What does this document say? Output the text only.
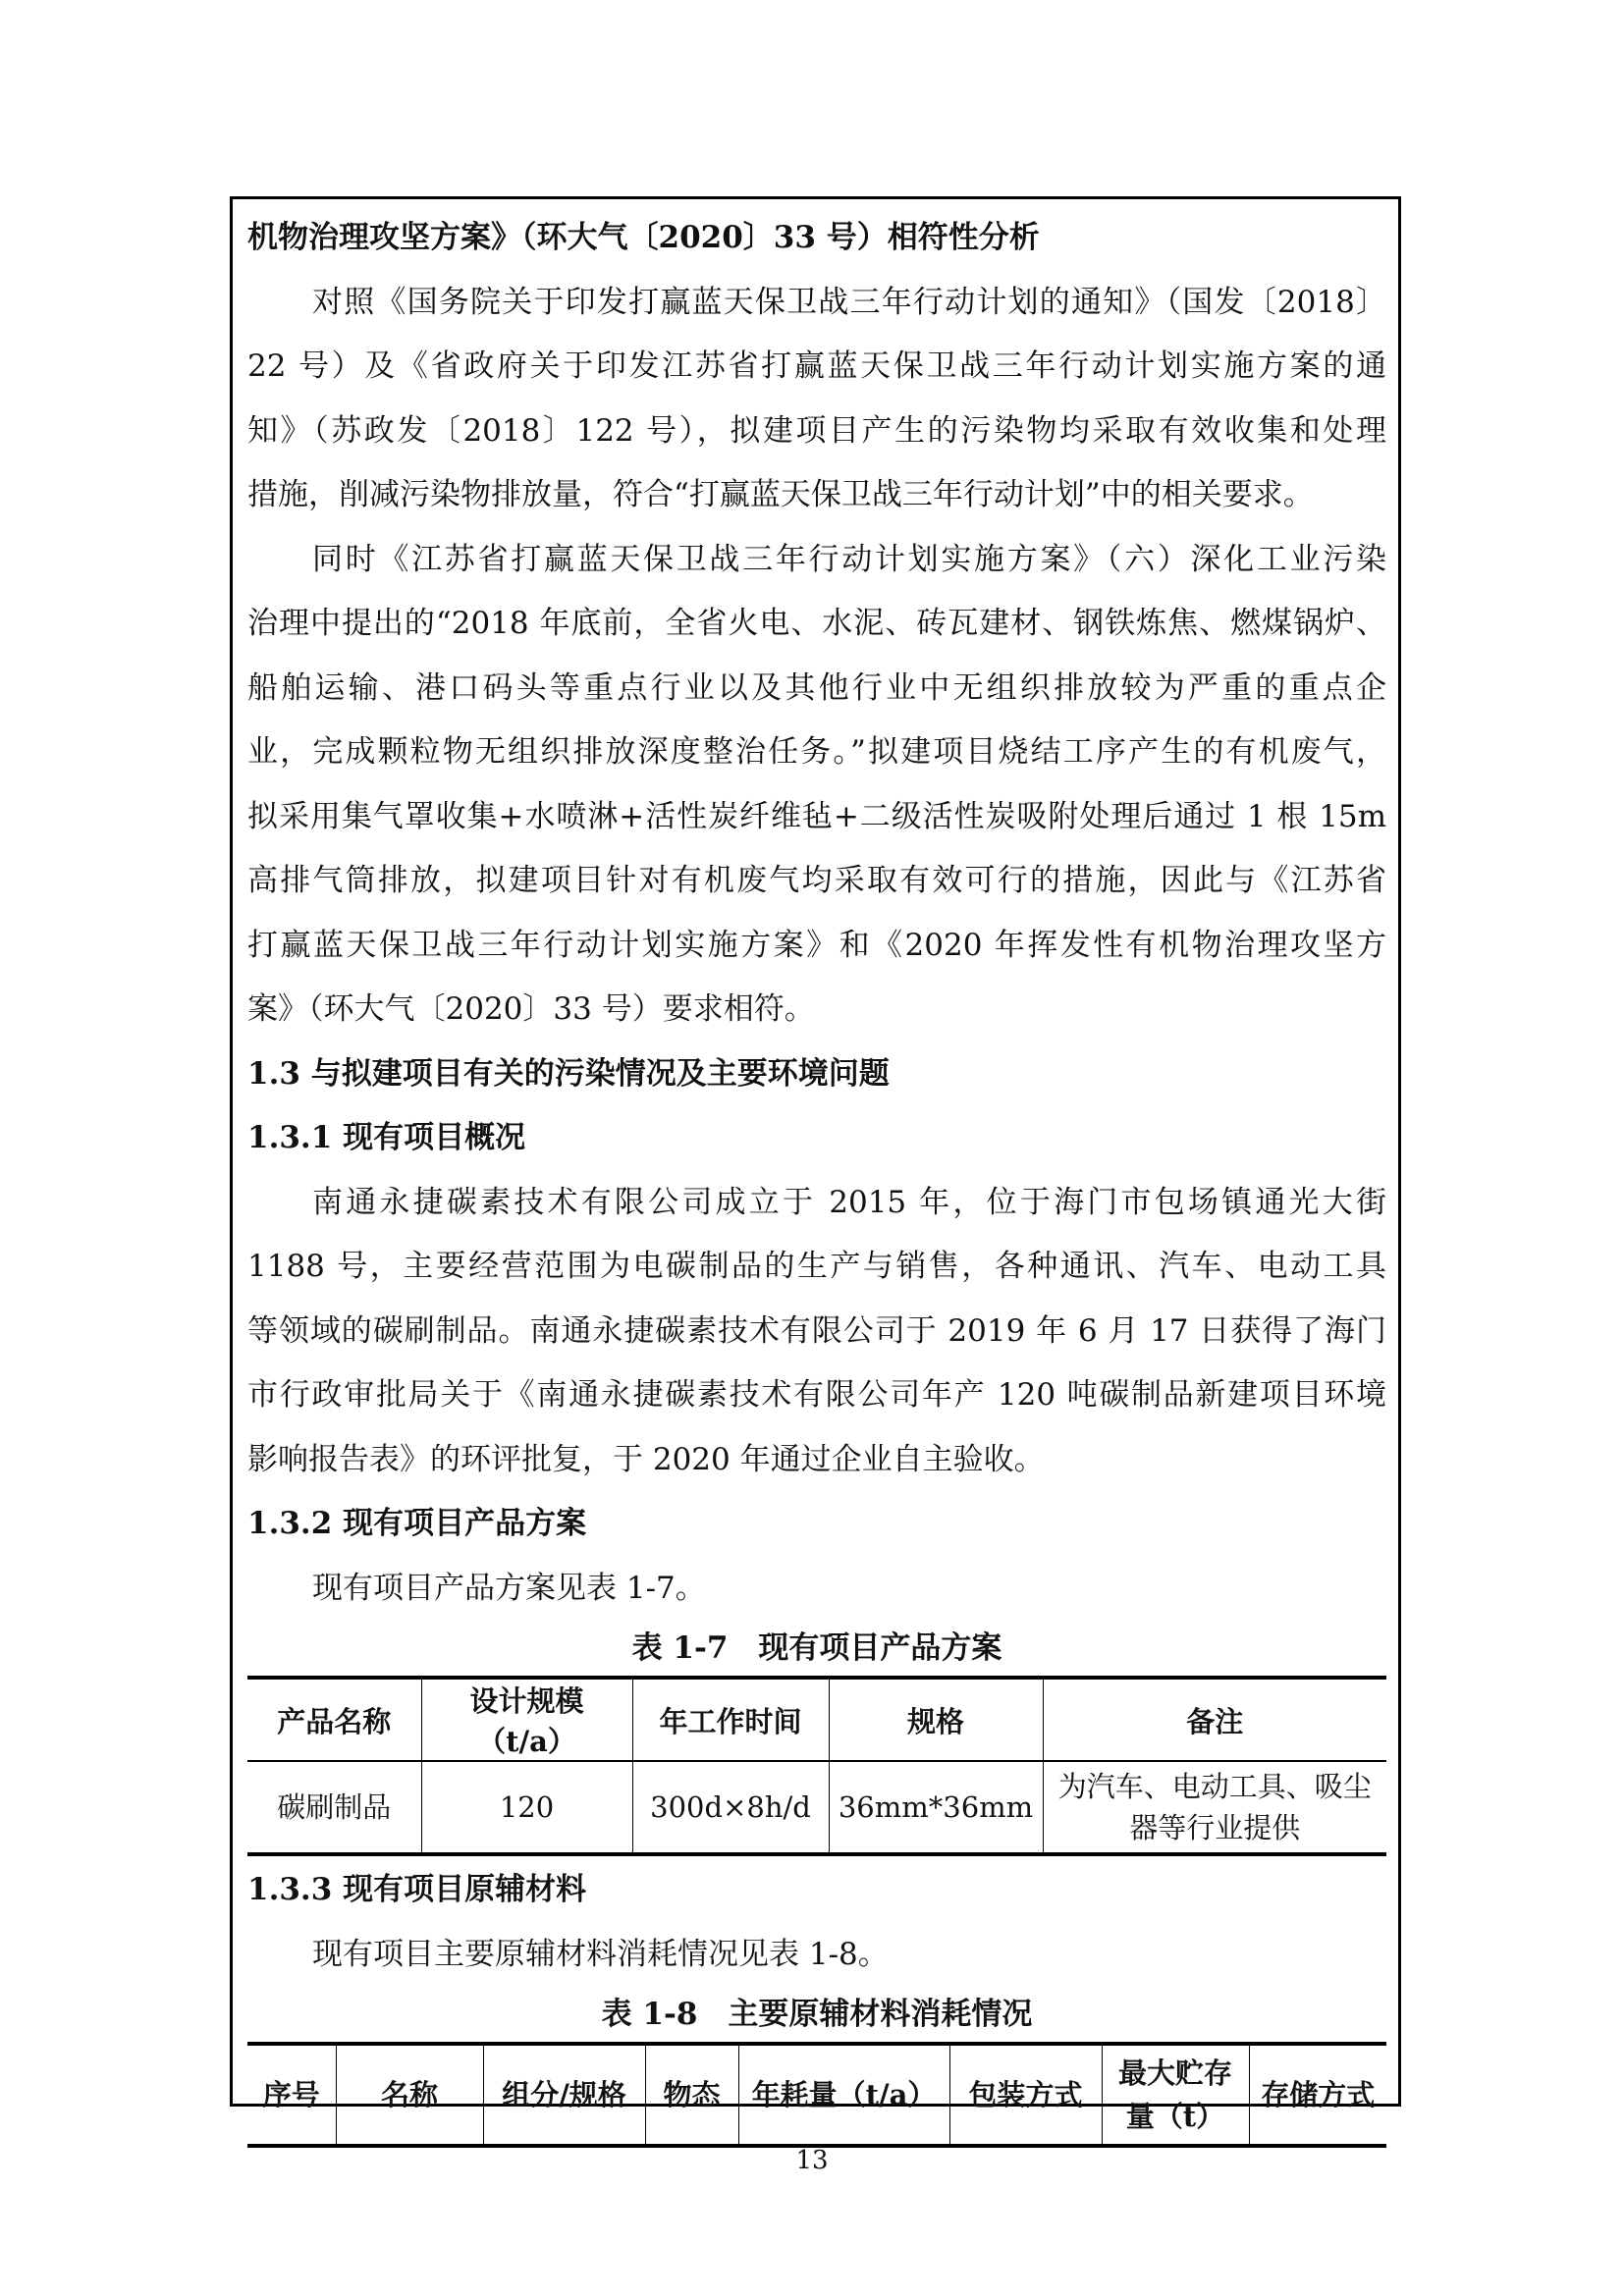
机物治理攻坚方案》（环大气〔2020〕33 号）相符性分析

对照《国务院关于印发打赢蓝天保卫战三年行动计划的通知》（国发〔2018〕

22 号）及《省政府关于印发江苏省打赢蓝天保卫战三年行动计划实施方案的通

知》（苏政发〔2018〕122 号），拟建项目产生的污染物均采取有效收集和处理

措施，削减污染物排放量，符合“打赢蓝天保卫战三年行动计划”中的相关要求。

同时《江苏省打赢蓝天保卫战三年行动计划实施方案》（六）深化工业污染

治理中提出的“2018 年底前，全省火电、水泥、砖瓦建材、钢铁炼焦、燃煤锅炉、

船舶运输、港口码头等重点行业以及其他行业中无组织排放较为严重的重点企

业，完成颗粒物无组织排放深度整治任务。”拟建项目烧结工序产生的有机废气，

拟采用集气罩收集+水喷淋+活性炭纤维毡+二级活性炭吸附处理后通过 1 根 15m

高排气筒排放，拟建项目针对有机废气均采取有效可行的措施，因此与《江苏省

打赢蓝天保卫战三年行动计划实施方案》和《2020 年挥发性有机物治理攻坚方

案》（环大气〔2020〕33 号）要求相符。

1.3 与拟建项目有关的污染情况及主要环境问题

1.3.1 现有项目概况

南通永捷碳素技术有限公司成立于 2015 年，位于海门市包场镇通光大街

1188 号，主要经营范围为电碳制品的生产与销售，各种通讯、汽车、电动工具

等领域的碳刷制品。南通永捷碳素技术有限公司于 2019 年 6 月 17 日获得了海门

市行政审批局关于《南通永捷碳素技术有限公司年产 120 吨碳制品新建项目环境

影响报告表》的环评批复，于 2020 年通过企业自主验收。

1.3.2 现有项目产品方案

现有项目产品方案见表 1-7。

表 1-7　现有项目产品方案

产品名称	设计规模（t/a）	年工作时间	规格	备注
碳刷制品	120	300d×8h/d	36mm*36mm	为汽车、电动工具、吸尘器等行业提供

1.3.3 现有项目原辅材料

现有项目主要原辅材料消耗情况见表 1-8。

表 1-8　主要原辅材料消耗情况

序号	名称	组分/规格	物态	年耗量（t/a）	包装方式	最大贮存量（t）	存储方式
13
